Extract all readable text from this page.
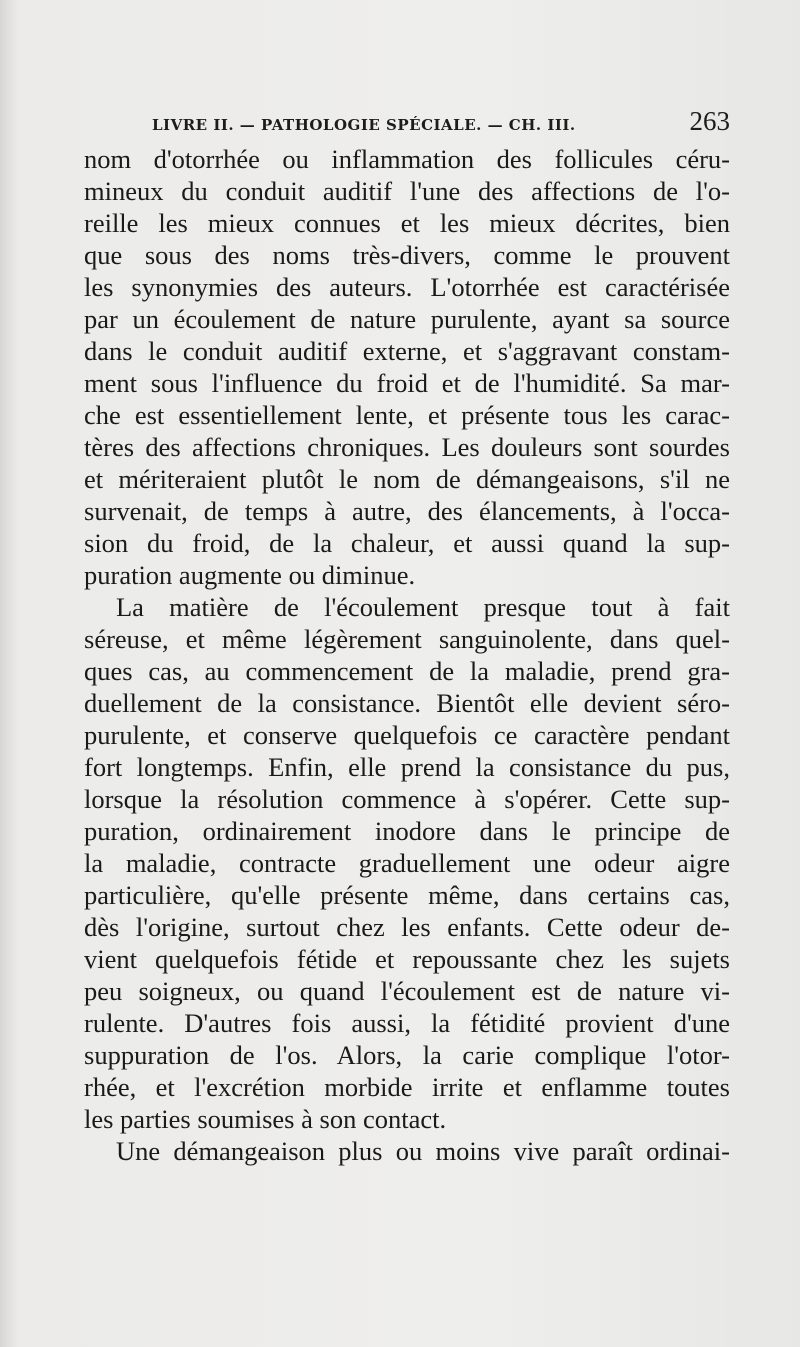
LIVRE II. — PATHOLOGIE SPÉCIALE. — CH. III.	263
nom d'otorrhée ou inflammation des follicules céru-
mineux du conduit auditif l'une des affections de l'o-
reille les mieux connues et les mieux décrites, bien
que sous des noms très-divers, comme le prouvent
les synonymies des auteurs. L'otorrhée est caractérisée
par un écoulement de nature purulente, ayant sa source
dans le conduit auditif externe, et s'aggravant constam-
ment sous l'influence du froid et de l'humidité. Sa mar-
che est essentiellement lente, et présente tous les carac-
tères des affections chroniques. Les douleurs sont sourdes
et mériteraient plutôt le nom de démangeaisons, s'il ne
survenait, de temps à autre, des élancements, à l'occa-
sion du froid, de la chaleur, et aussi quand la sup-
puration augmente ou diminue.
La matière de l'écoulement presque tout à fait
séreuse, et même légèrement sanguinolente, dans quel-
ques cas, au commencement de la maladie, prend gra-
duellement de la consistance. Bientôt elle devient séro-
purulente, et conserve quelquefois ce caractère pendant
fort longtemps. Enfin, elle prend la consistance du pus,
lorsque la résolution commence à s'opérer. Cette sup-
puration, ordinairement inodore dans le principe de
la maladie, contracte graduellement une odeur aigre
particulière, qu'elle présente même, dans certains cas,
dès l'origine, surtout chez les enfants. Cette odeur de-
vient quelquefois fétide et repoussante chez les sujets
peu soigneux, ou quand l'écoulement est de nature vi-
rulente. D'autres fois aussi, la fétidité provient d'une
suppuration de l'os. Alors, la carie complique l'otor-
rhée, et l'excrétion morbide irrite et enflamme toutes
les parties soumises à son contact.
Une démangeaison plus ou moins vive paraît ordinai-
